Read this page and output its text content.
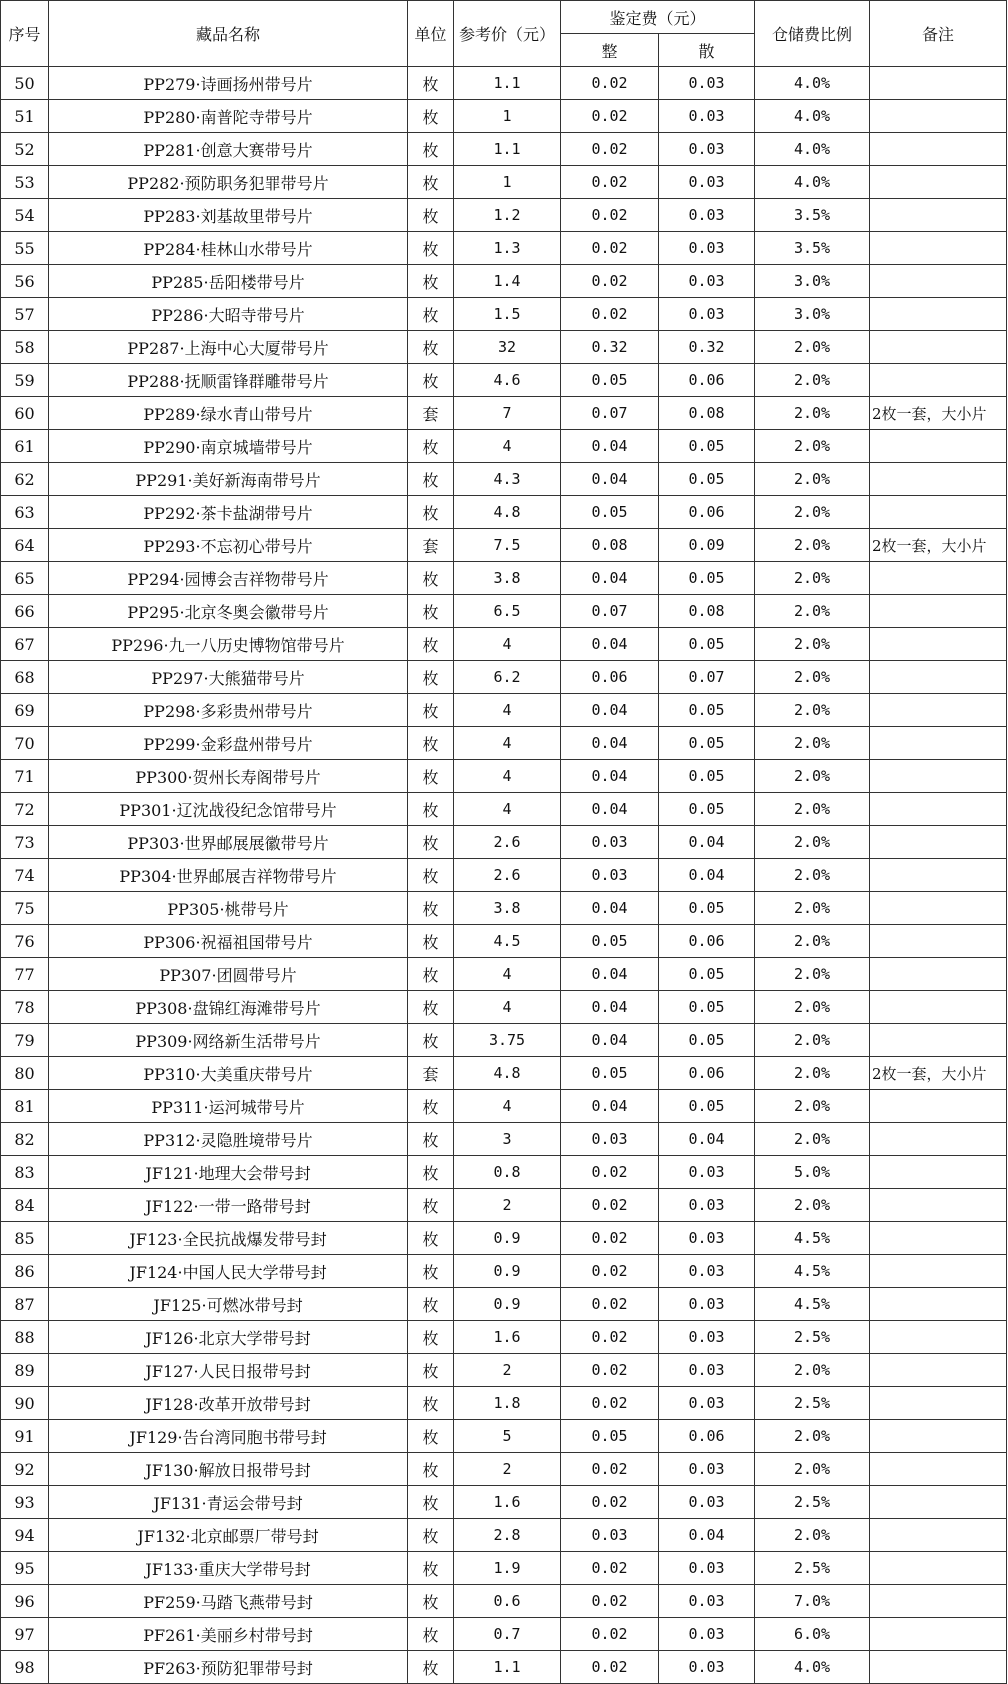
序号	藏品名称	单位	参考价（元）	鉴定费（元）		仓储费比例	备注
				整	散		
50	PP279·诗画扬州带号片	枚	1.1	0.02	0.03	4.0%	
51	PP280·南普陀寺带号片	枚	1	0.02	0.03	4.0%	
52	PP281·创意大赛带号片	枚	1.1	0.02	0.03	4.0%	
53	PP282·预防职务犯罪带号片	枚	1	0.02	0.03	4.0%	
54	PP283·刘基故里带号片	枚	1.2	0.02	0.03	3.5%	
55	PP284·桂林山水带号片	枚	1.3	0.02	0.03	3.5%	
56	PP285·岳阳楼带号片	枚	1.4	0.02	0.03	3.0%	
57	PP286·大昭寺带号片	枚	1.5	0.02	0.03	3.0%	
58	PP287·上海中心大厦带号片	枚	32	0.32	0.32	2.0%	
59	PP288·抚顺雷锋群雕带号片	枚	4.6	0.05	0.06	2.0%	
60	PP289·绿水青山带号片	套	7	0.07	0.08	2.0%	2枚一套，大小片
61	PP290·南京城墙带号片	枚	4	0.04	0.05	2.0%	
62	PP291·美好新海南带号片	枚	4.3	0.04	0.05	2.0%	
63	PP292·茶卡盐湖带号片	枚	4.8	0.05	0.06	2.0%	
64	PP293·不忘初心带号片	套	7.5	0.08	0.09	2.0%	2枚一套，大小片
65	PP294·园博会吉祥物带号片	枚	3.8	0.04	0.05	2.0%	
66	PP295·北京冬奥会徽带号片	枚	6.5	0.07	0.08	2.0%	
67	PP296·九一八历史博物馆带号片	枚	4	0.04	0.05	2.0%	
68	PP297·大熊猫带号片	枚	6.2	0.06	0.07	2.0%	
69	PP298·多彩贵州带号片	枚	4	0.04	0.05	2.0%	
70	PP299·金彩盘州带号片	枚	4	0.04	0.05	2.0%	
71	PP300·贺州长寿阁带号片	枚	4	0.04	0.05	2.0%	
72	PP301·辽沈战役纪念馆带号片	枚	4	0.04	0.05	2.0%	
73	PP303·世界邮展展徽带号片	枚	2.6	0.03	0.04	2.0%	
74	PP304·世界邮展吉祥物带号片	枚	2.6	0.03	0.04	2.0%	
75	PP305·桃带号片	枚	3.8	0.04	0.05	2.0%	
76	PP306·祝福祖国带号片	枚	4.5	0.05	0.06	2.0%	
77	PP307·团圆带号片	枚	4	0.04	0.05	2.0%	
78	PP308·盘锦红海滩带号片	枚	4	0.04	0.05	2.0%	
79	PP309·网络新生活带号片	枚	3.75	0.04	0.05	2.0%	
80	PP310·大美重庆带号片	套	4.8	0.05	0.06	2.0%	2枚一套，大小片
81	PP311·运河城带号片	枚	4	0.04	0.05	2.0%	
82	PP312·灵隐胜境带号片	枚	3	0.03	0.04	2.0%	
83	JF121·地理大会带号封	枚	0.8	0.02	0.03	5.0%	
84	JF122·一带一路带号封	枚	2	0.02	0.03	2.0%	
85	JF123·全民抗战爆发带号封	枚	0.9	0.02	0.03	4.5%	
86	JF124·中国人民大学带号封	枚	0.9	0.02	0.03	4.5%	
87	JF125·可燃冰带号封	枚	0.9	0.02	0.03	4.5%	
88	JF126·北京大学带号封	枚	1.6	0.02	0.03	2.5%	
89	JF127·人民日报带号封	枚	2	0.02	0.03	2.0%	
90	JF128·改革开放带号封	枚	1.8	0.02	0.03	2.5%	
91	JF129·告台湾同胞书带号封	枚	5	0.05	0.06	2.0%	
92	JF130·解放日报带号封	枚	2	0.02	0.03	2.0%	
93	JF131·青运会带号封	枚	1.6	0.02	0.03	2.5%	
94	JF132·北京邮票厂带号封	枚	2.8	0.03	0.04	2.0%	
95	JF133·重庆大学带号封	枚	1.9	0.02	0.03	2.5%	
96	PF259·马踏飞燕带号封	枚	0.6	0.02	0.03	7.0%	
97	PF261·美丽乡村带号封	枚	0.7	0.02	0.03	6.0%	
98	PF263·预防犯罪带号封	枚	1.1	0.02	0.03	4.0%	
